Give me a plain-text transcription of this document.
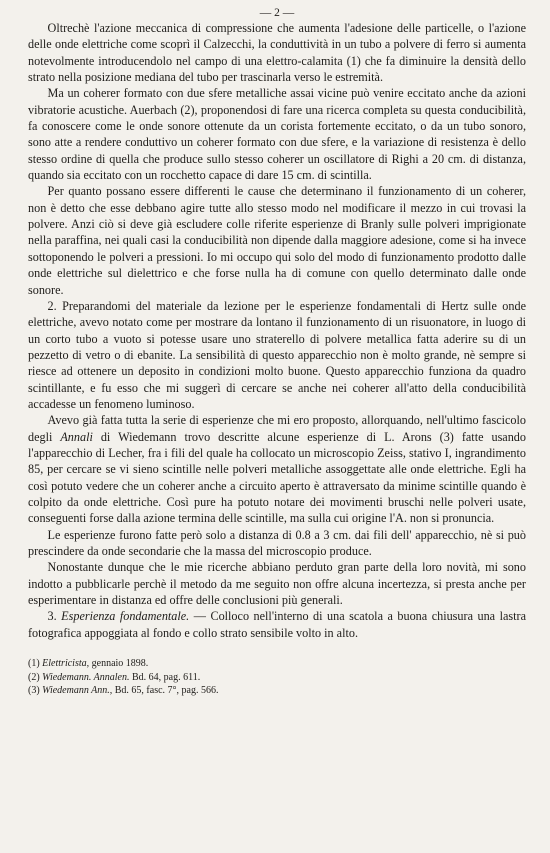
— 2 —

Oltrechè l'azione meccanica di compressione che aumenta l'adesione delle particelle, o l'azione delle onde elettriche come scoprì il Calzecchi, la conduttività in un tubo a polvere di ferro si aumenta notevolmente introducendolo nel campo di una elettro-calamita (1) che fa diminuire la densità dello strato nella posizione mediana del tubo per trascinarla verso le estremità.

Ma un coherer formato con due sfere metalliche assai vicine può venire eccitato anche da azioni vibratorie acustiche. Auerbach (2), proponendosi di fare una ricerca completa su questa conducibilità, fa conoscere come le onde sonore ottenute da un corista fortemente eccitato, o da un tubo sonoro, sono atte a rendere conduttivo un coherer formato con due sfere, e la variazione di resistenza è dello stesso ordine di quella che produce sullo stesso coherer un oscillatore di Righi a 20 cm. di distanza, quando sia eccitato con un rocchetto capace di dare 15 cm. di scintilla.

Per quanto possano essere differenti le cause che determinano il funzionamento di un coherer, non è detto che esse debbano agire tutte allo stesso modo nel modificare il mezzo in cui trovasi la polvere. Anzi ciò si deve già escludere colle riferite esperienze di Branly sulle polveri imprigionate nella paraffina, nei quali casi la conducibilità non dipende dalla maggiore adesione, come si ha invece sottoponendo le polveri a pressioni. Io mi occupo qui solo del modo di funzionamento prodotto dalle onde elettriche sul dielettrico e che forse nulla ha di comune con quello determinato dalle onde sonore.

2. Preparandomi del materiale da lezione per le esperienze fondamentali di Hertz sulle onde elettriche, avevo notato come per mostrare da lontano il funzionamento di un risuonatore, in luogo di un corto tubo a vuoto si potesse usare uno straterello di polvere metallica fatta aderire su di un pezzetto di vetro o di ebanite. La sensibilità di questo apparecchio non è molto grande, nè sempre si riesce ad ottenere un deposito in condizioni molto buone. Questo apparecchio funziona da quadro scintillante, e fu esso che mi suggerì di cercare se anche nei coherer all'atto della conducibilità accadesse un fenomeno luminoso.

Avevo già fatta tutta la serie di esperienze che mi ero proposto, allorquando, nell'ultimo fascicolo degli Annali di Wiedemann trovo descritte alcune esperienze di L. Arons (3) fatte usando l'apparecchio di Lecher, fra i fili del quale ha collocato un microscopio Zeiss, stativo I, ingrandimento 85, per cercare se vi sieno scintille nelle polveri metalliche assoggettate alle onde elettriche. Egli ha così potuto vedere che un coherer anche a circuito aperto è attraversato da minime scintille quando è colpito da onde elettriche. Così pure ha potuto notare dei movimenti bruschi nelle polveri usate, conseguenti forse dalla azione termina delle scintille, ma sulla cui origine l'A. non si pronuncia.

Le esperienze furono fatte però solo a distanza di 0.8 a 3 cm. dai fili dell' apparecchio, nè si può prescindere da onde secondarie che la massa del microscopio produce.

Nonostante dunque che le mie ricerche abbiano perduto gran parte della loro novità, mi sono indotto a pubblicarle perchè il metodo da me seguito non offre alcuna incertezza, si presta anche per esperimentare in distanza ed offre delle conclusioni più generali.

3. Esperienza fondamentale. — Colloco nell'interno di una scatola a buona chiusura una lastra fotografica appoggiata al fondo e collo strato sensibile volto in alto.

(1) Elettricista, gennaio 1898.
(2) Wiedemann. Annalen. Bd. 64, pag. 611.
(3) Wiedemann Ann., Bd. 65, fasc. 7°, pag. 566.
